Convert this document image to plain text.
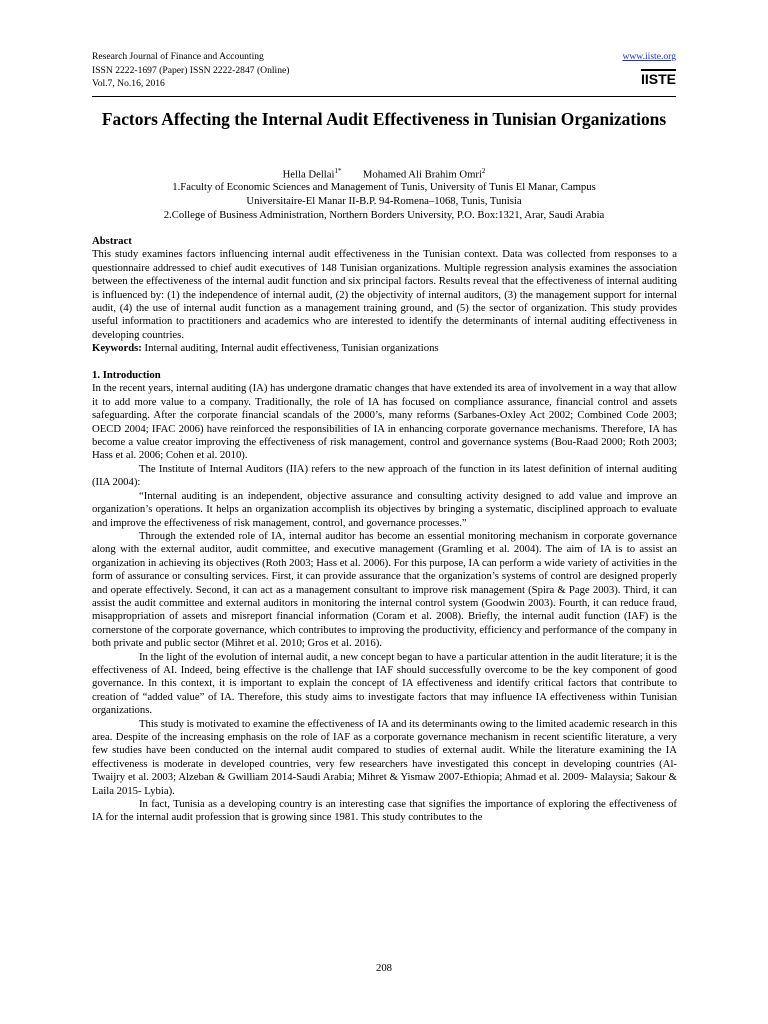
Research Journal of Finance and Accounting
ISSN 2222-1697 (Paper) ISSN 2222-2847 (Online)
Vol.7, No.16, 2016
www.iiste.org
IISTE
Factors Affecting the Internal Audit Effectiveness in Tunisian Organizations
Hella Dellai$^{1*}$ Mohamed Ali Brahim Omri$^2$
1.Faculty of Economic Sciences and Management of Tunis, University of Tunis El Manar, Campus
Universitaire-El Manar II-B.P. 94-Romena–1068, Tunis, Tunisia
2.College of Business Administration, Northern Borders University, P.O. Box:1321, Arar, Saudi Arabia

Abstract

This study examines factors influencing internal audit effectiveness in the Tunisian context. Data was collected from responses to a questionnaire addressed to chief audit executives of 148 Tunisian organizations. Multiple regression analysis examines the association between the effectiveness of the internal audit function and six principal factors. Results reveal that the effectiveness of internal auditing is influenced by: (1) the independence of internal audit, (2) the objectivity of internal auditors, (3) the management support for internal audit, (4) the use of internal audit function as a management training ground, and (5) the sector of organization. This study provides useful information to practitioners and academics who are interested to identify the determinants of internal auditing effectiveness in developing countries.

Keywords: Internal auditing, Internal audit effectiveness, Tunisian organizations

1. Introduction

In the recent years, internal auditing (IA) has undergone dramatic changes that have extended its area of involvement in a way that allow it to add more value to a company. Traditionally, the role of IA has focused on compliance assurance, financial control and assets safeguarding. After the corporate financial scandals of the 2000’s, many reforms (Sarbanes-Oxley Act 2002; Combined Code 2003; OECD 2004; IFAC 2006) have reinforced the responsibilities of IA in enhancing corporate governance mechanisms. Therefore, IA has become a value creator improving the effectiveness of risk management, control and governance systems (Bou-Raad 2000; Roth 2003; Hass et al. 2006; Cohen et al. 2010).

The Institute of Internal Auditors (IIA) refers to the new approach of the function in its latest definition of internal auditing (IIA 2004):

“Internal auditing is an independent, objective assurance and consulting activity designed to add value and improve an organization’s operations. It helps an organization accomplish its objectives by bringing a systematic, disciplined approach to evaluate and improve the effectiveness of risk management, control, and governance processes.”

Through the extended role of IA, internal auditor has become an essential monitoring mechanism in corporate governance along with the external auditor, audit committee, and executive management (Gramling et al. 2004). The aim of IA is to assist an organization in achieving its objectives (Roth 2003; Hass et al. 2006). For this purpose, IA can perform a wide variety of activities in the form of assurance or consulting services. First, it can provide assurance that the organization’s systems of control are designed properly and operate effectively. Second, it can act as a management consultant to improve risk management (Spira & Page 2003). Third, it can assist the audit committee and external auditors in monitoring the internal control system (Goodwin 2003). Fourth, it can reduce fraud, misappropriation of assets and misreport financial information (Coram et al. 2008). Briefly, the internal audit function (IAF) is the cornerstone of the corporate governance, which contributes to improving the productivity, efficiency and performance of the company in both private and public sector (Mihret et al. 2010; Gros et al. 2016).

In the light of the evolution of internal audit, a new concept began to have a particular attention in the audit literature; it is the effectiveness of AI. Indeed, being effective is the challenge that IAF should successfully overcome to be the key component of good governance. In this context, it is important to explain the concept of IA effectiveness and identify critical factors that contribute to creation of “added value” of IA. Therefore, this study aims to investigate factors that may influence IA effectiveness within Tunisian organizations.

This study is motivated to examine the effectiveness of IA and its determinants owing to the limited academic research in this area. Despite of the increasing emphasis on the role of IAF as a corporate governance mechanism in recent scientific literature, a very few studies have been conducted on the internal audit compared to studies of external audit. While the literature examining the IA effectiveness is moderate in developed countries, very few researchers have investigated this concept in developing countries (Al-Twaijry et al. 2003; Alzeban & Gwilliam 2014-Saudi Arabia; Mihret & Yismaw 2007-Ethiopia; Ahmad et al. 2009- Malaysia; Sakour & Laila 2015- Lybia).

In fact, Tunisia as a developing country is an interesting case that signifies the importance of exploring the effectiveness of IA for the internal audit profession that is growing since 1981. This study contributes to the

208
